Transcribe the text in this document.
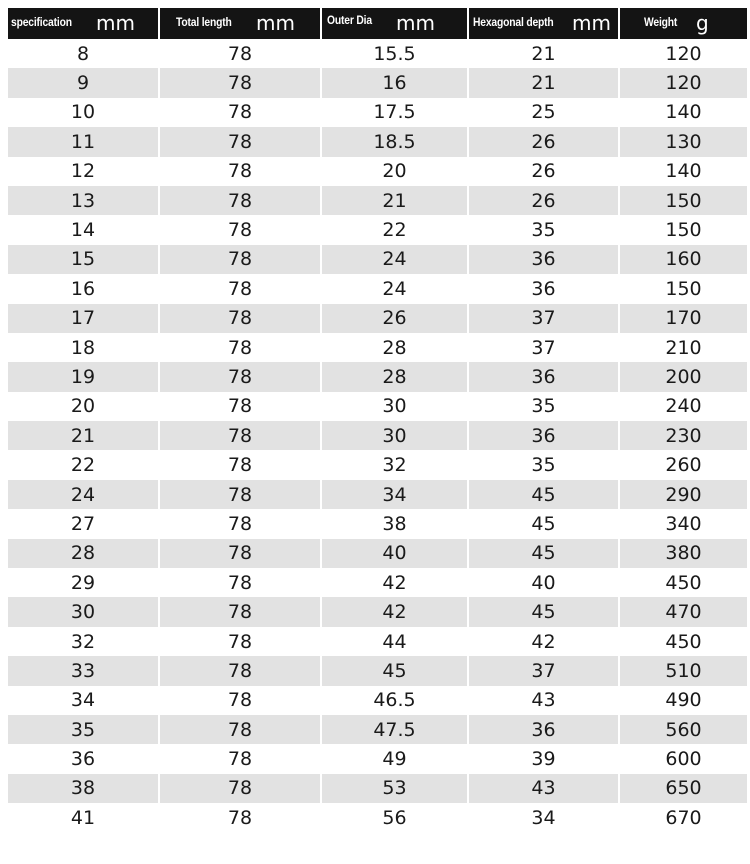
specification mm	Total length mm	Outer Dia mm	Hexagonal depth mm	Weight g
8	78	15.5	21	120
9	78	16	21	120
10	78	17.5	25	140
11	78	18.5	26	130
12	78	20	26	140
13	78	21	26	150
14	78	22	35	150
15	78	24	36	160
16	78	24	36	150
17	78	26	37	170
18	78	28	37	210
19	78	28	36	200
20	78	30	35	240
21	78	30	36	230
22	78	32	35	260
24	78	34	45	290
27	78	38	45	340
28	78	40	45	380
29	78	42	40	450
30	78	42	45	470
32	78	44	42	450
33	78	45	37	510
34	78	46.5	43	490
35	78	47.5	36	560
36	78	49	39	600
38	78	53	43	650
41	78	56	34	670
